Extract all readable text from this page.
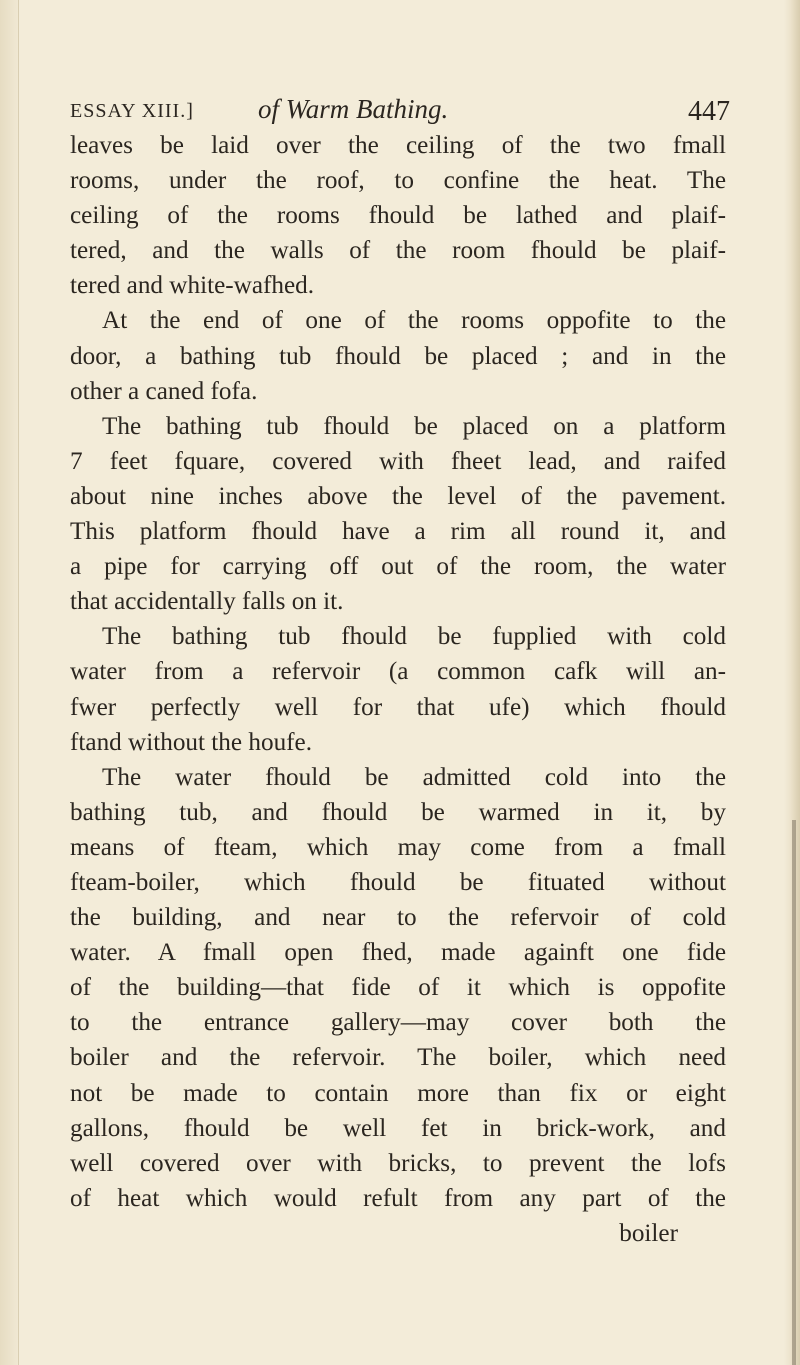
ESSAY XIII.] of Warm Bathing.	447

leaves be laid over the ceiling of the two fmall

rooms, under the roof, to confine the heat. The

ceiling of the rooms fhould be lathed and plaif-

tered, and the walls of the room fhould be plaif-

tered and white-wafhed.

At the end of one of the rooms oppofite to the

door, a bathing tub fhould be placed ; and in the

other a caned fofa.

The bathing tub fhould be placed on a platform

7 feet fquare, covered with fheet lead, and raifed

about nine inches above the level of the pavement.

This platform fhould have a rim all round it, and

a pipe for carrying off out of the room, the water

that accidentally falls on it.

The bathing tub fhould be fupplied with cold

water from a refervoir (a common cafk will an-

fwer perfectly well for that ufe) which fhould

ftand without the houfe.

The water fhould be admitted cold into the

bathing tub, and fhould be warmed in it, by

means of fteam, which may come from a fmall

fteam-boiler, which fhould be fituated without

the building, and near to the refervoir of cold

water. A fmall open fhed, made againft one fide

of the building—that fide of it which is oppofite

to the entrance gallery—may cover both the

boiler and the refervoir. The boiler, which need

not be made to contain more than fix or eight

gallons, fhould be well fet in brick-work, and

well covered over with bricks, to prevent the lofs

of heat which would refult from any part of the

boiler
